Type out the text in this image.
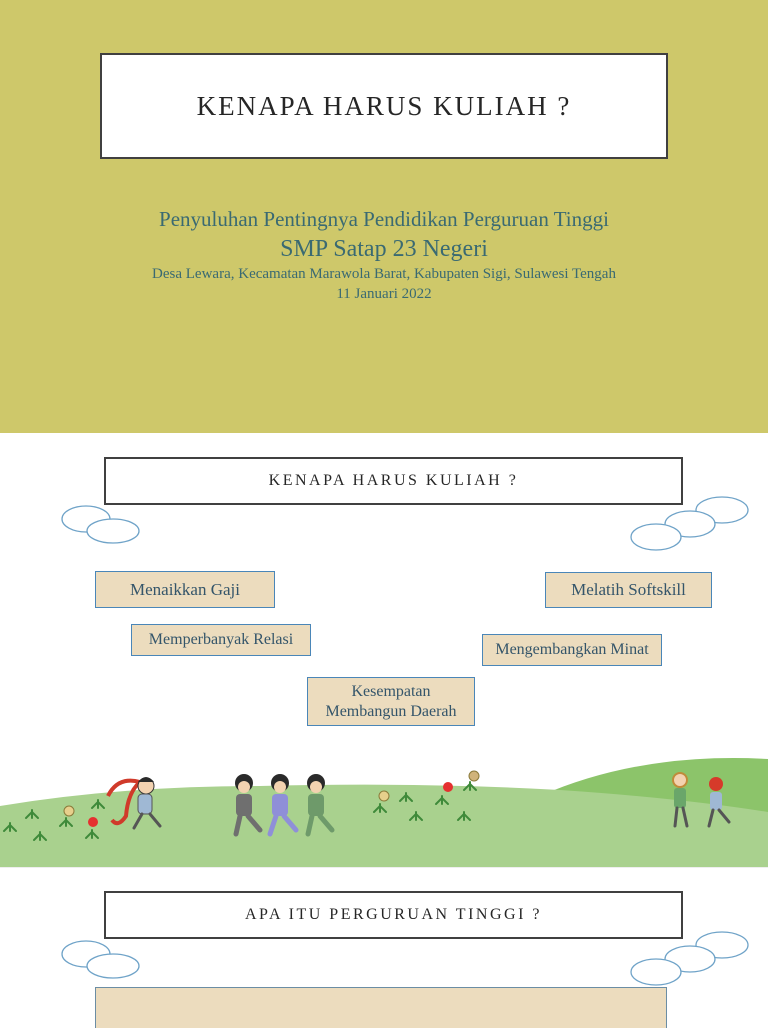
KENAPA HARUS KULIAH ?
Penyuluhan Pentingnya Pendidikan Perguruan Tinggi
SMP Satap 23 Negeri
Desa Lewara, Kecamatan Marawola Barat, Kabupaten Sigi, Sulawesi Tengah
11 Januari 2022
KENAPA HARUS KULIAH ?
Menaikkan Gaji	Melatih Softskill
Memperbanyak Relasi
Mengembangkan Minat
Kesempatan
Membangun Daerah
APA ITU PERGURUAN TINGGI ?
